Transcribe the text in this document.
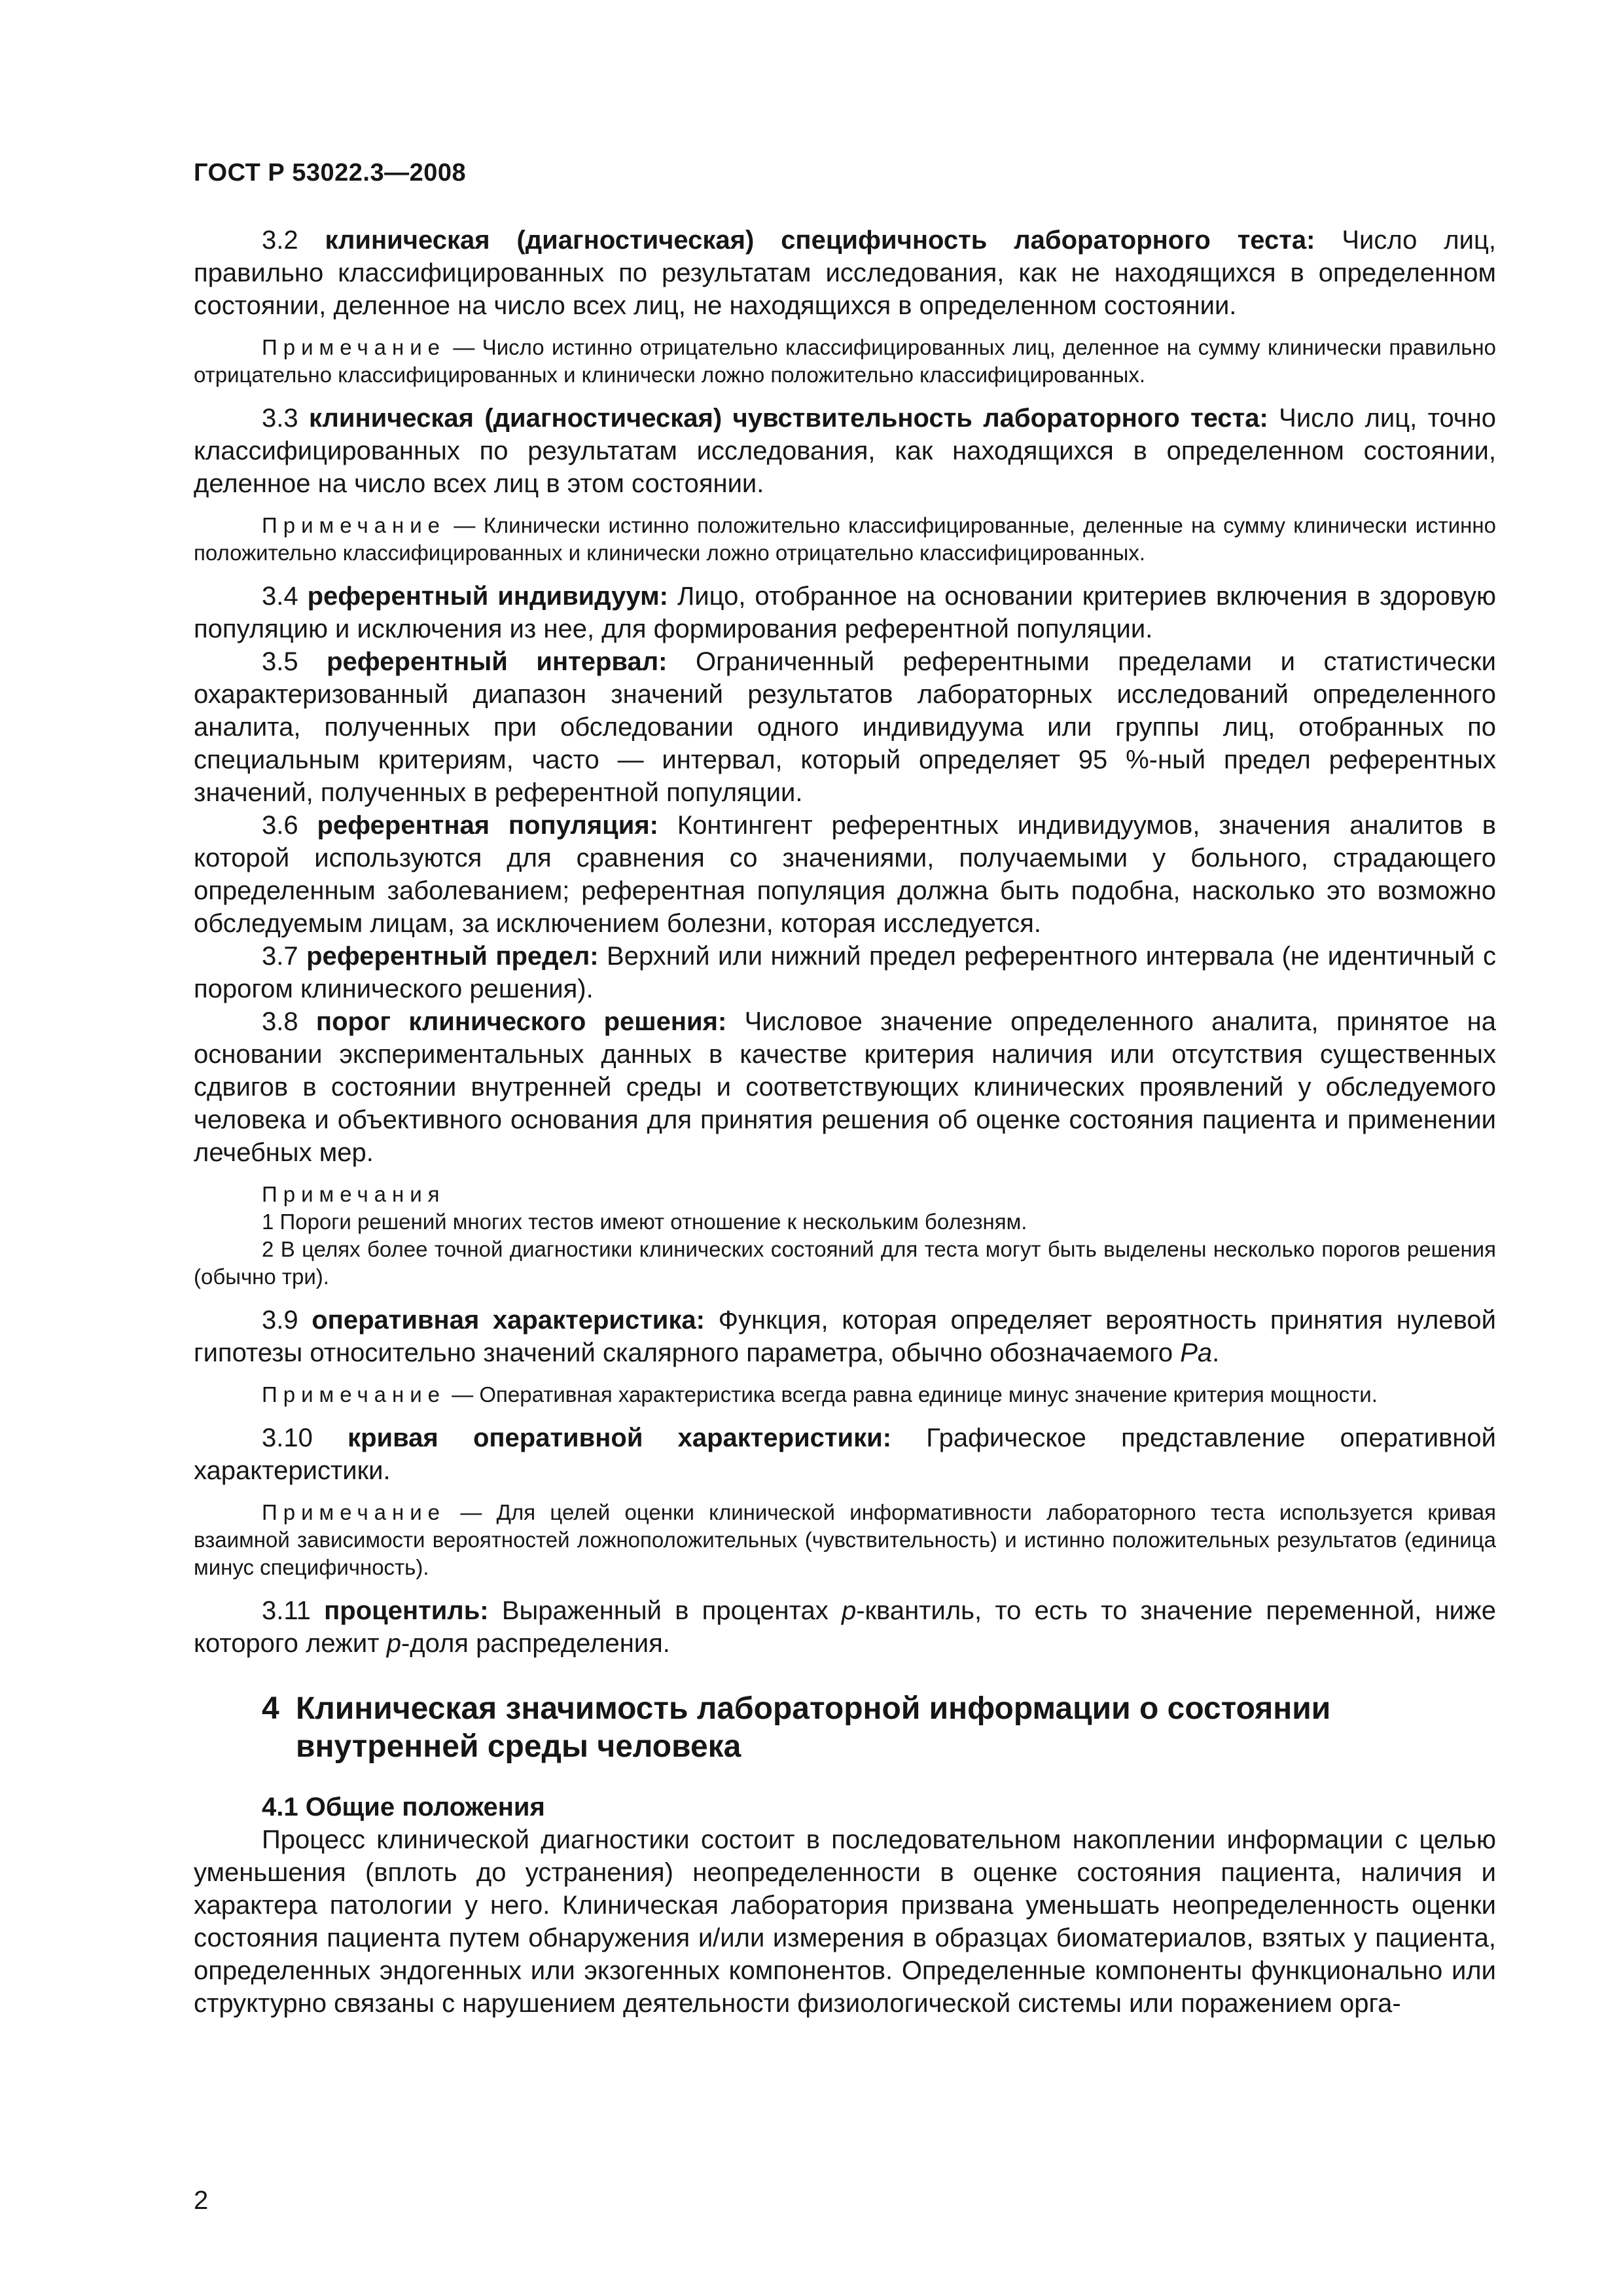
ГОСТ Р 53022.3—2008

3.2 клиническая (диагностическая) специфичность лабораторного теста: Число лиц, правильно классифицированных по результатам исследования, как не находящихся в определенном состоянии, деленное на число всех лиц, не находящихся в определенном состоянии.

Примечание — Число истинно отрицательно классифицированных лиц, деленное на сумму клинически правильно отрицательно классифицированных и клинически ложно положительно классифицированных.

3.3 клиническая (диагностическая) чувствительность лабораторного теста: Число лиц, точно классифицированных по результатам исследования, как находящихся в определенном состоянии, деленное на число всех лиц в этом состоянии.

Примечание — Клинически истинно положительно классифицированные, деленные на сумму клинически истинно положительно классифицированных и клинически ложно отрицательно классифицированных.

3.4 референтный индивидуум: Лицо, отобранное на основании критериев включения в здоровую популяцию и исключения из нее, для формирования референтной популяции.

3.5 референтный интервал: Ограниченный референтными пределами и статистически охарактеризованный диапазон значений результатов лабораторных исследований определенного аналита, полученных при обследовании одного индивидуума или группы лиц, отобранных по специальным критериям, часто — интервал, который определяет 95 %-ный предел референтных значений, полученных в референтной популяции.

3.6 референтная популяция: Контингент референтных индивидуумов, значения аналитов в которой используются для сравнения со значениями, получаемыми у больного, страдающего определенным заболеванием; референтная популяция должна быть подобна, насколько это возможно обследуемым лицам, за исключением болезни, которая исследуется.

3.7 референтный предел: Верхний или нижний предел референтного интервала (не идентичный с порогом клинического решения).

3.8 порог клинического решения: Числовое значение определенного аналита, принятое на основании экспериментальных данных в качестве критерия наличия или отсутствия существенных сдвигов в состоянии внутренней среды и соответствующих клинических проявлений у обследуемого человека и объективного основания для принятия решения об оценке состояния пациента и применении лечебных мер.

Примечания

1 Пороги решений многих тестов имеют отношение к нескольким болезням.

2 В целях более точной диагностики клинических состояний для теста могут быть выделены несколько порогов решения (обычно три).

3.9 оперативная характеристика: Функция, которая определяет вероятность принятия нулевой гипотезы относительно значений скалярного параметра, обычно обозначаемого Pa.

Примечание — Оперативная характеристика всегда равна единице минус значение критерия мощности.

3.10 кривая оперативной характеристики: Графическое представление оперативной характеристики.

Примечание — Для целей оценки клинической информативности лабораторного теста используется кривая взаимной зависимости вероятностей ложноположительных (чувствительность) и истинно положительных результатов (единица минус специфичность).

3.11 процентиль: Выраженный в процентах p-квантиль, то есть то значение переменной, ниже которого лежит p-доля распределения.

4 Клиническая значимость лабораторной информации о состоянии
внутренней среды человека
4.1 Общие положения

Процесс клинической диагностики состоит в последовательном накоплении информации с целью уменьшения (вплоть до устранения) неопределенности в оценке состояния пациента, наличия и характера патологии у него. Клиническая лаборатория призвана уменьшать неопределенность оценки состояния пациента путем обнаружения и/или измерения в образцах биоматериалов, взятых у пациента, определенных эндогенных или экзогенных компонентов. Определенные компоненты функционально или структурно связаны с нарушением деятельности физиологической системы или поражением орга-

2
